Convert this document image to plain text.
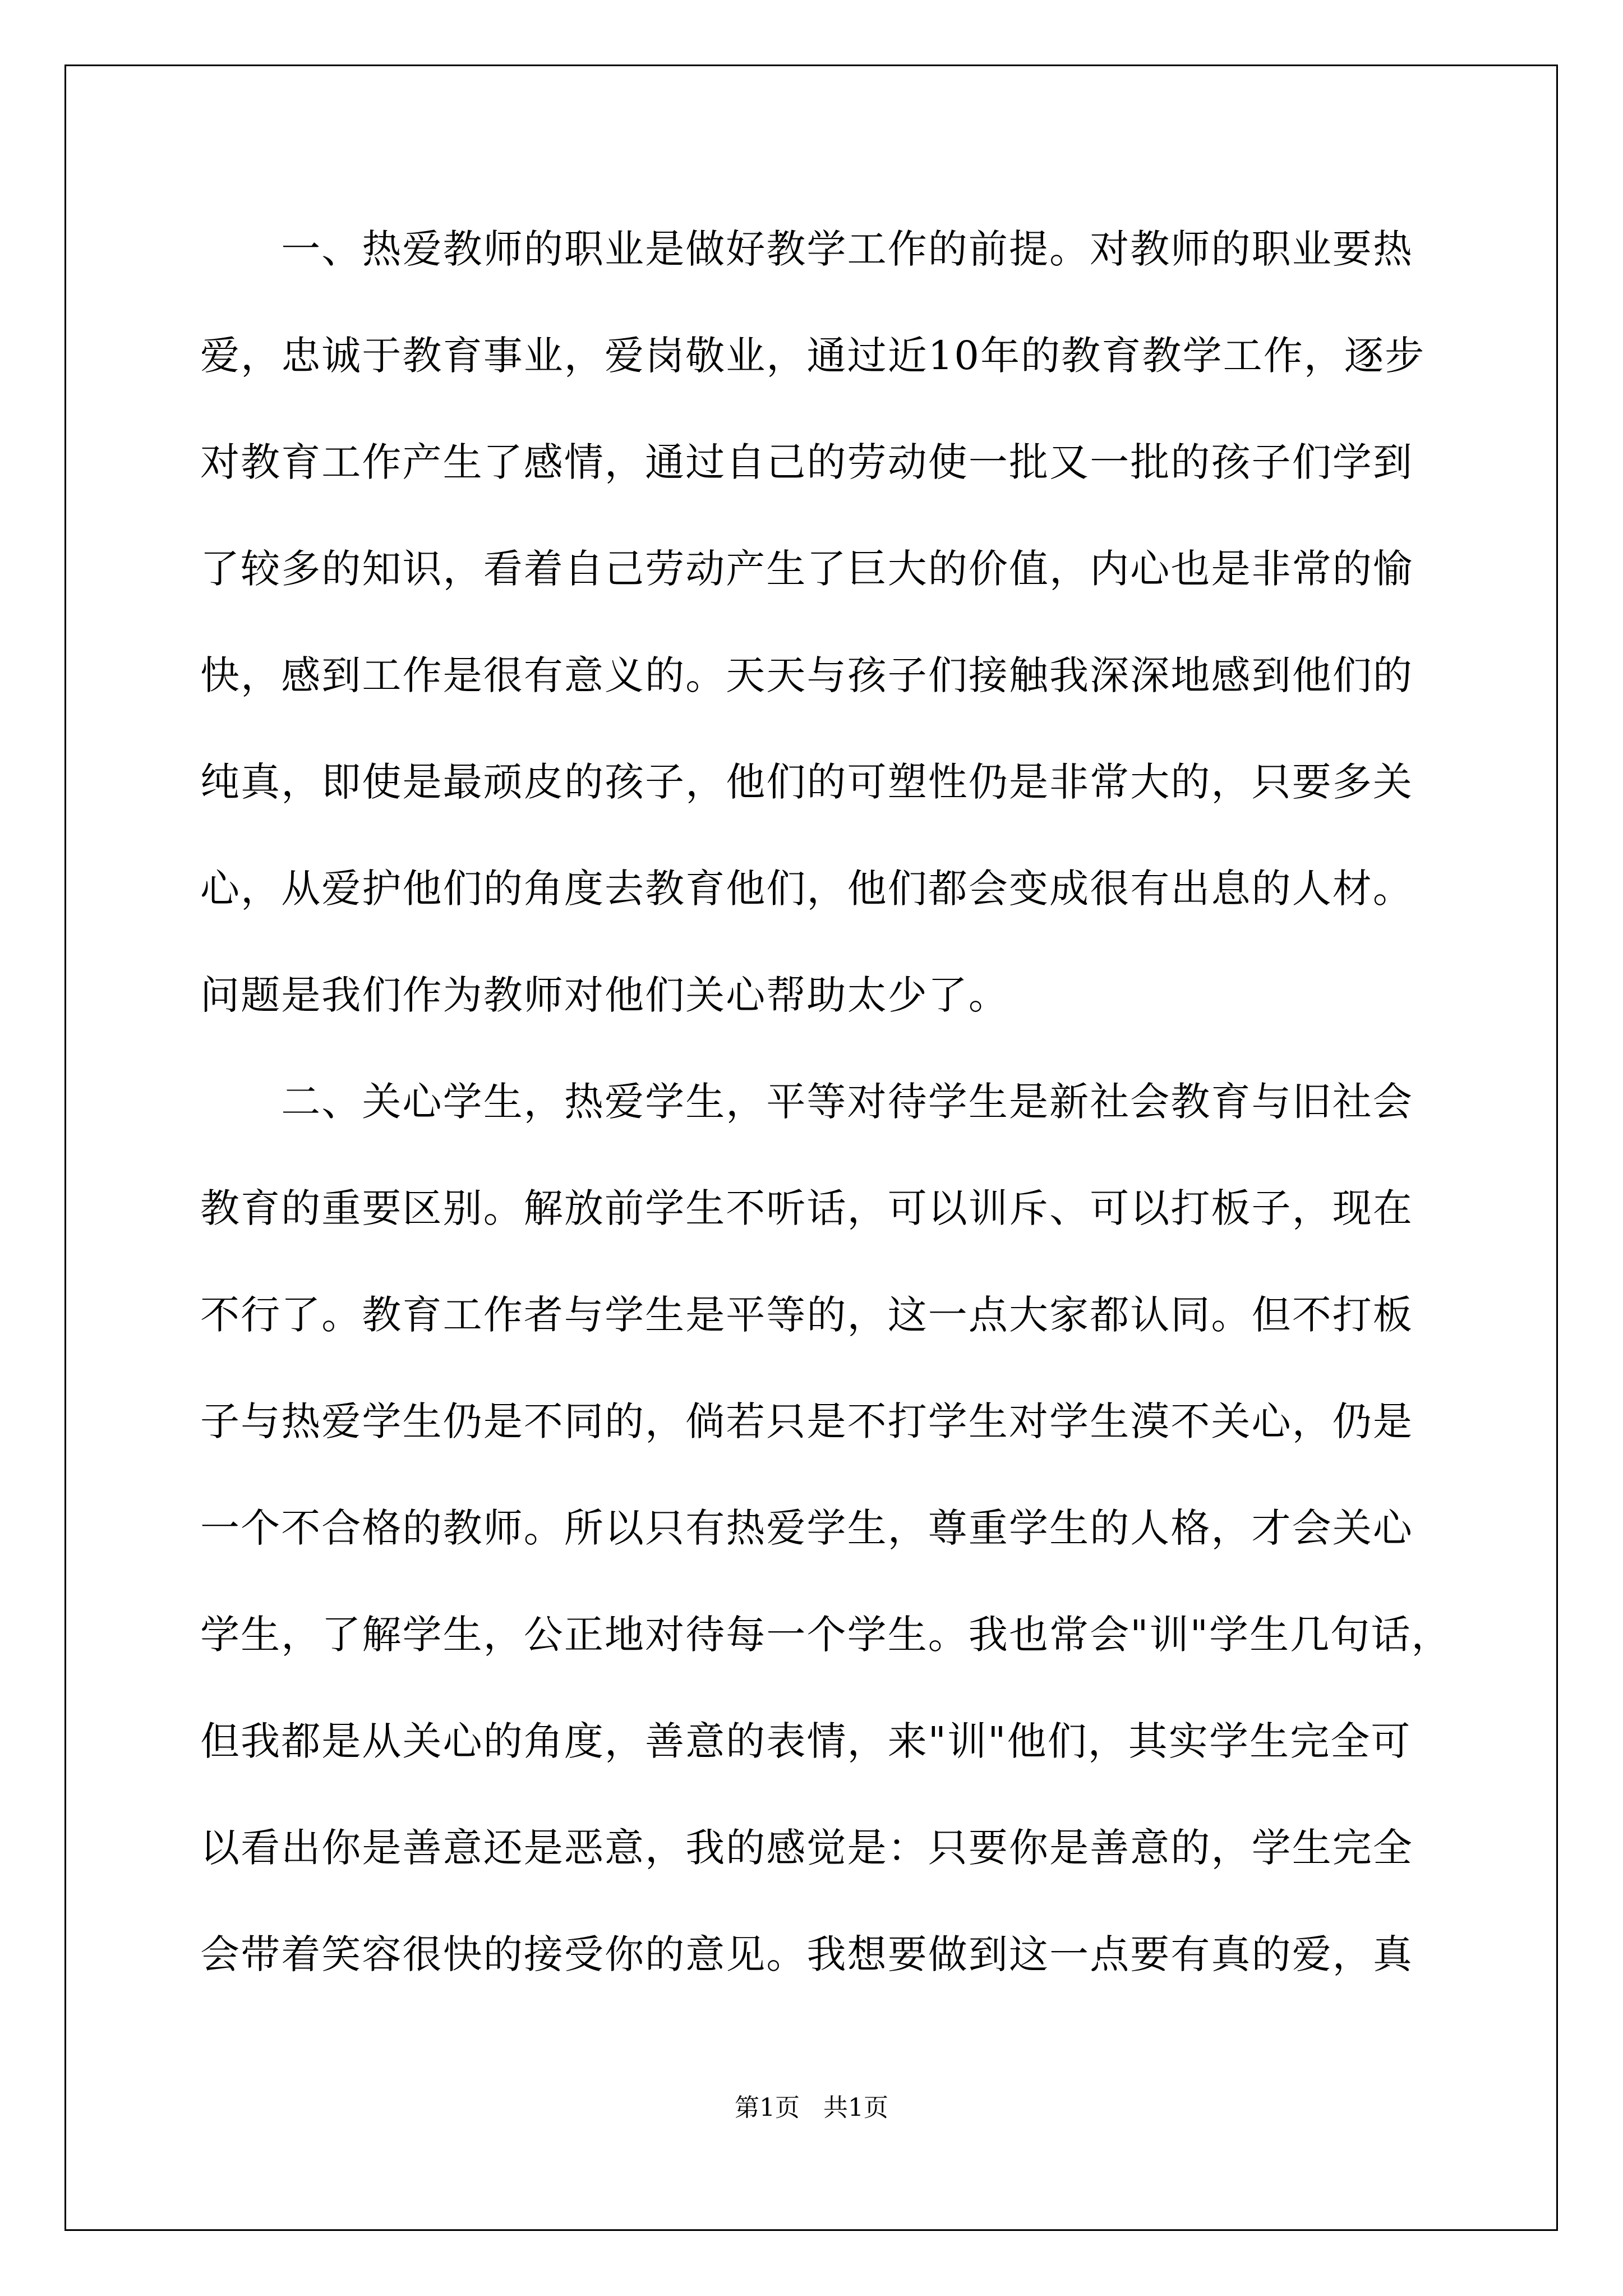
　　一、热爱教师的职业是做好教学工作的前提。对教师的职业要热
爱，忠诚于教育事业，爱岗敬业，通过近10年的教育教学工作，逐步
对教育工作产生了感情，通过自己的劳动使一批又一批的孩子们学到
了较多的知识，看着自己劳动产生了巨大的价值，内心也是非常的愉
快，感到工作是很有意义的。天天与孩子们接触我深深地感到他们的
纯真，即使是最顽皮的孩子，他们的可塑性仍是非常大的，只要多关
心，从爱护他们的角度去教育他们，他们都会变成很有出息的人材。
问题是我们作为教师对他们关心帮助太少了。
　　二、关心学生，热爱学生，平等对待学生是新社会教育与旧社会
教育的重要区别。解放前学生不听话，可以训斥、可以打板子，现在
不行了。教育工作者与学生是平等的，这一点大家都认同。但不打板
子与热爱学生仍是不同的，倘若只是不打学生对学生漠不关心，仍是
一个不合格的教师。所以只有热爱学生，尊重学生的人格，才会关心
学生，了解学生，公正地对待每一个学生。我也常会"训"学生几句话，
但我都是从关心的角度，善意的表情，来"训"他们，其实学生完全可
以看出你是善意还是恶意，我的感觉是：只要你是善意的，学生完全
会带着笑容很快的接受你的意见。我想要做到这一点要有真的爱，真
第1页   共1页
